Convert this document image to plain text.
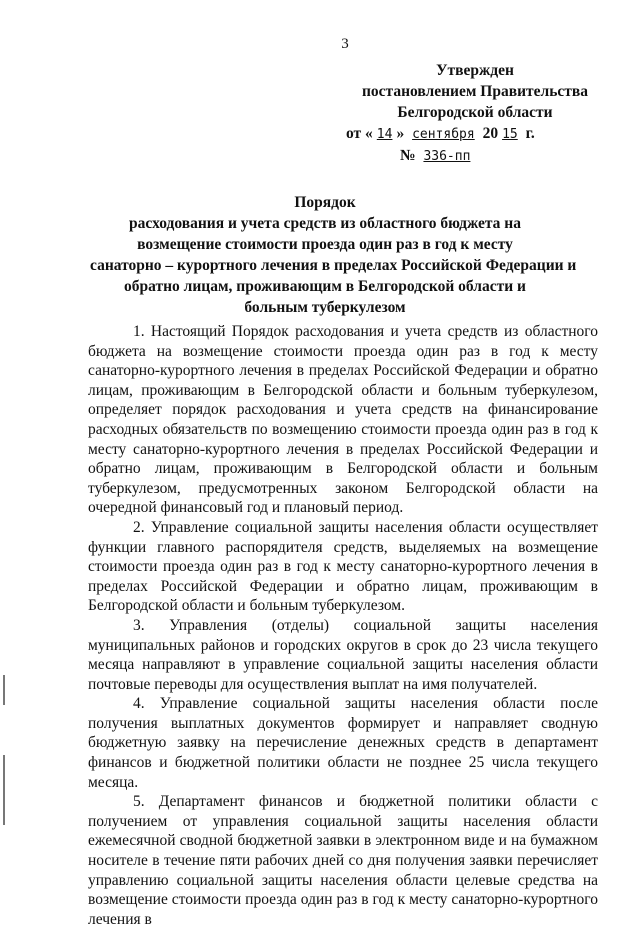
3
Утвержден
постановлением Правительства
Белгородской области
от « 14 » сентября 20 15 г.
№ 336-пп
Порядок
расходования и учета средств из областного бюджета на
возмещение стоимости проезда один раз в год к месту
санаторно – курортного лечения в пределах Российской Федерации и
обратно лицам, проживающим в Белгородской области и
больным туберкулезом

1. Настоящий Порядок расходования и учета средств из областного бюджета на возмещение стоимости проезда один раз в год к месту санаторно-курортного лечения в пределах Российской Федерации и обратно лицам, проживающим в Белгородской области и больным туберкулезом, определяет порядок расходования и учета средств на финансирование расходных обязательств по возмещению стоимости проезда один раз в год к месту санаторно-курортного лечения в пределах Российской Федерации и обратно лицам, проживающим в Белгородской области и больным туберкулезом, предусмотренных законом Белгородской области на очередной финансовый год и плановый период.

2. Управление социальной защиты населения области осуществляет функции главного распорядителя средств, выделяемых на возмещение стоимости проезда один раз в год к месту санаторно-курортного лечения в пределах Российской Федерации и обратно лицам, проживающим в Белгородской области и больным туберкулезом.

3. Управления (отделы) социальной защиты населения муниципальных районов и городских округов в срок до 23 числа текущего месяца направляют в управление социальной защиты населения области почтовые переводы для осуществления выплат на имя получателей.

4. Управление социальной защиты населения области после получения выплатных документов формирует и направляет сводную бюджетную заявку на перечисление денежных средств в департамент финансов и бюджетной политики области не позднее 25 числа текущего месяца.

5. Департамент финансов и бюджетной политики области с получением от управления социальной защиты населения области ежемесячной сводной бюджетной заявки в электронном виде и на бумажном носителе в течение пяти рабочих дней со дня получения заявки перечисляет управлению социальной защиты населения области целевые средства на возмещение стоимости проезда один раз в год к месту санаторно-курортного лечения в
